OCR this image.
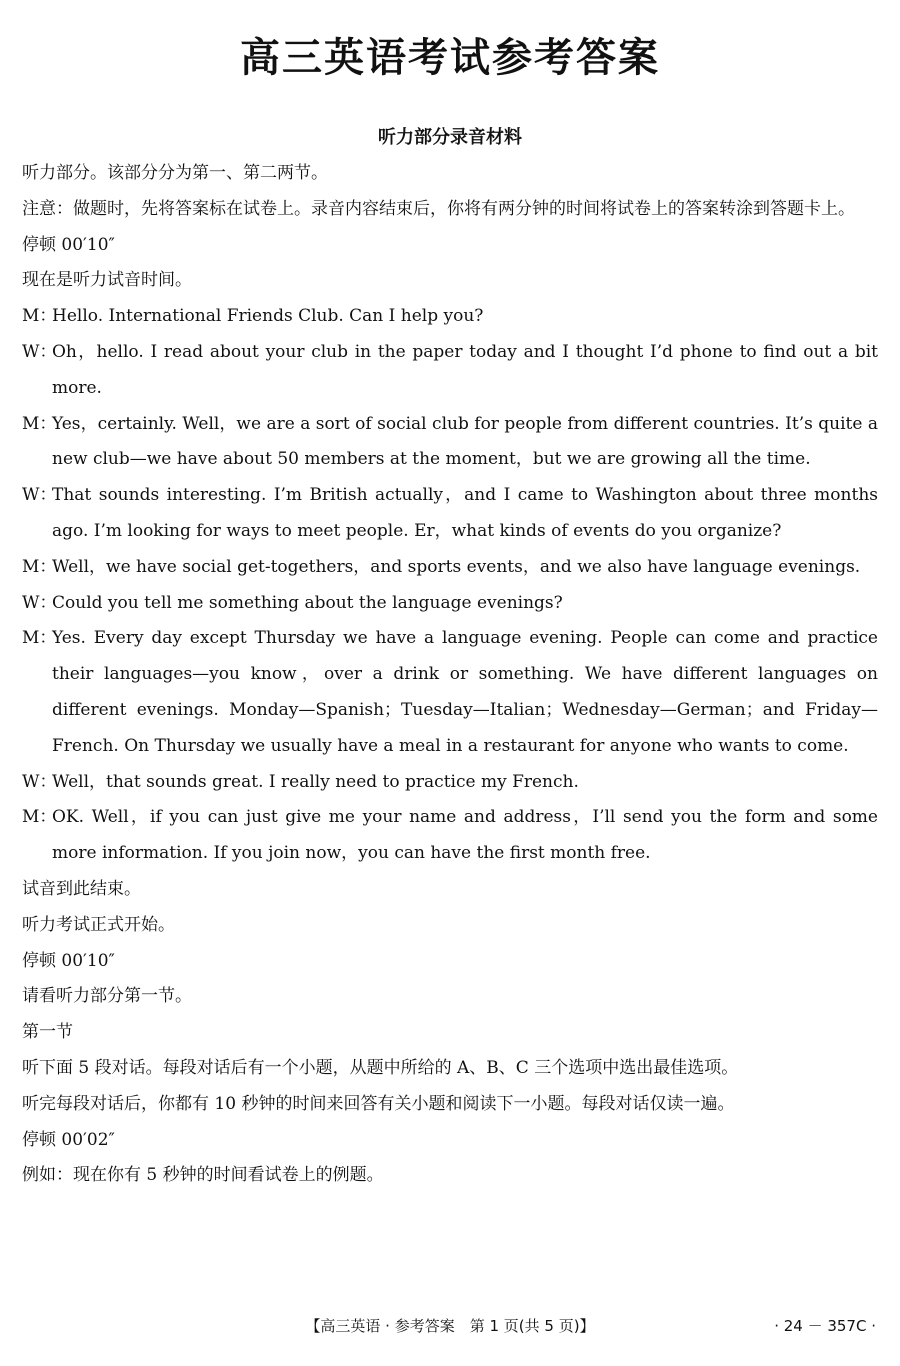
高三英语考试参考答案
听力部分录音材料
听力部分。该部分分为第一、第二两节。
注意：做题时，先将答案标在试卷上。录音内容结束后，你将有两分钟的时间将试卷上的答案转涂到答题卡上。
停顿 00′10″
现在是听力试音时间。
M：Hello. International Friends Club. Can I help you?
W：Oh，hello. I read about your club in the paper today and I thought I’d phone to find out a bit more.
M：Yes，certainly. Well，we are a sort of social club for people from different countries. It’s quite a new club—we have about 50 members at the moment，but we are growing all the time.
W：That sounds interesting. I’m British actually，and I came to Washington about three months ago. I’m looking for ways to meet people. Er，what kinds of events do you organize?
M：Well，we have social get-togethers，and sports events，and we also have language evenings.
W：Could you tell me something about the language evenings?
M：Yes. Every day except Thursday we have a language evening. People can come and practice their languages—you know，over a drink or something. We have different languages on different evenings. Monday—Spanish；Tuesday—Italian；Wednesday—German；and Friday—French. On Thursday we usually have a meal in a restaurant for anyone who wants to come.
W：Well，that sounds great. I really need to practice my French.
M：OK. Well，if you can just give me your name and address，I’ll send you the form and some more information. If you join now，you can have the first month free.
试音到此结束。
听力考试正式开始。
停顿 00′10″
请看听力部分第一节。
第一节
听下面 5 段对话。每段对话后有一个小题，从题中所给的 A、B、C 三个选项中选出最佳选项。
听完每段对话后，你都有 10 秒钟的时间来回答有关小题和阅读下一小题。每段对话仅读一遍。
停顿 00′02″
例如：现在你有 5 秒钟的时间看试卷上的例题。
【高三英语 · 参考答案　第 1 页(共 5 页)】	· 24 － 357C ·
